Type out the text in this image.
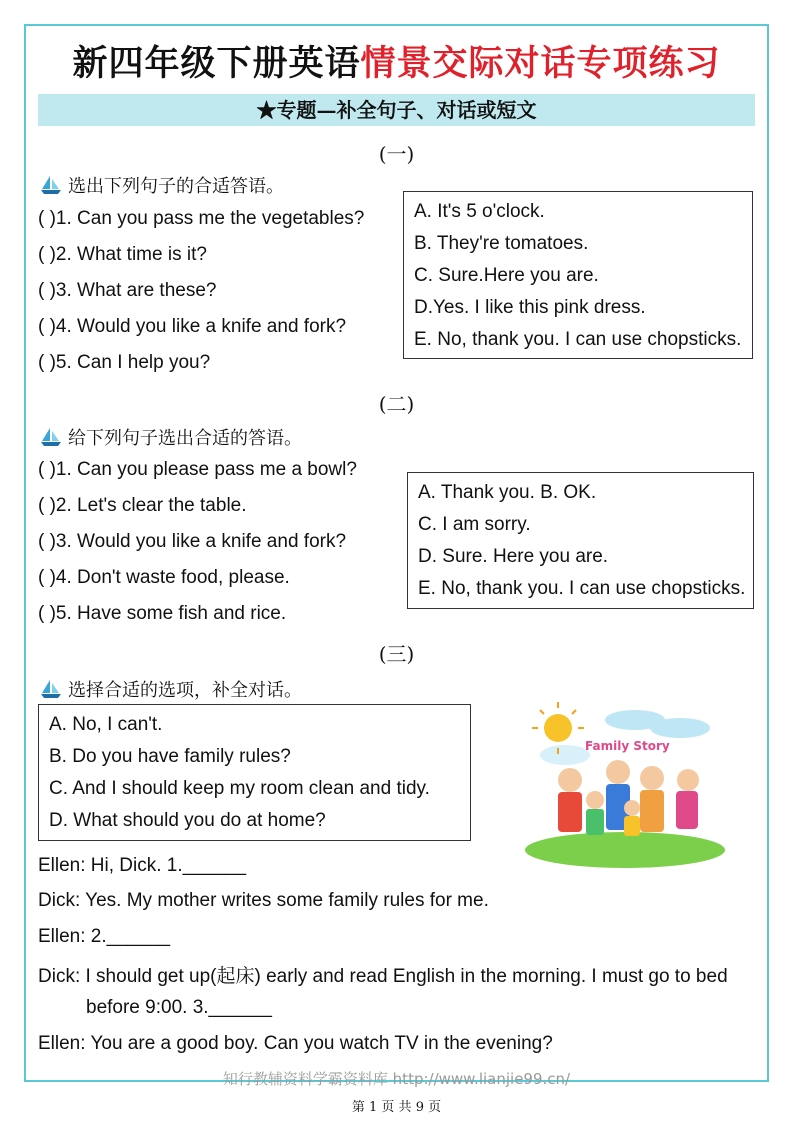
新四年级下册英语情景交际对话专项练习
★专题—补全句子、对话或短文
(一)
选出下列句子的合适答语。
( )1. Can you pass me the vegetables?
( )2. What time is it?
( )3. What are these?
( )4. Would you like a knife and fork?
( )5. Can I help you?
A. It's 5 o'clock.
B. They're tomatoes.
C. Sure.Here you are.
D.Yes. I like this pink dress.
E. No, thank you. I can use chopsticks.
(二)
给下列句子选出合适的答语。
( )1. Can you please pass me a bowl?
( )2. Let's clear the table.
( )3. Would you like a knife and fork?
( )4. Don't waste food, please.
( )5. Have some fish and rice.
A. Thank you. B. OK.
C. I am sorry.
D. Sure. Here you are.
E. No, thank you. I can use chopsticks.
(三)
选择合适的选项，补全对话。
A. No, I can't.
B. Do you have family rules?
C. And I should keep my room clean and tidy.
D. What should you do at home?
Family Story
Ellen: Hi, Dick. 1.______
Dick: Yes. My mother writes some family rules for me.
Ellen: 2.______
Dick: I should get up(起床) early and read English in the morning. I must go to bed
before 9:00. 3.______
Ellen: You are a good boy. Can you watch TV in the evening?
知行教辅资料学霸资料库 http://www.lianjie99.cn/
第 1 页 共 9 页
